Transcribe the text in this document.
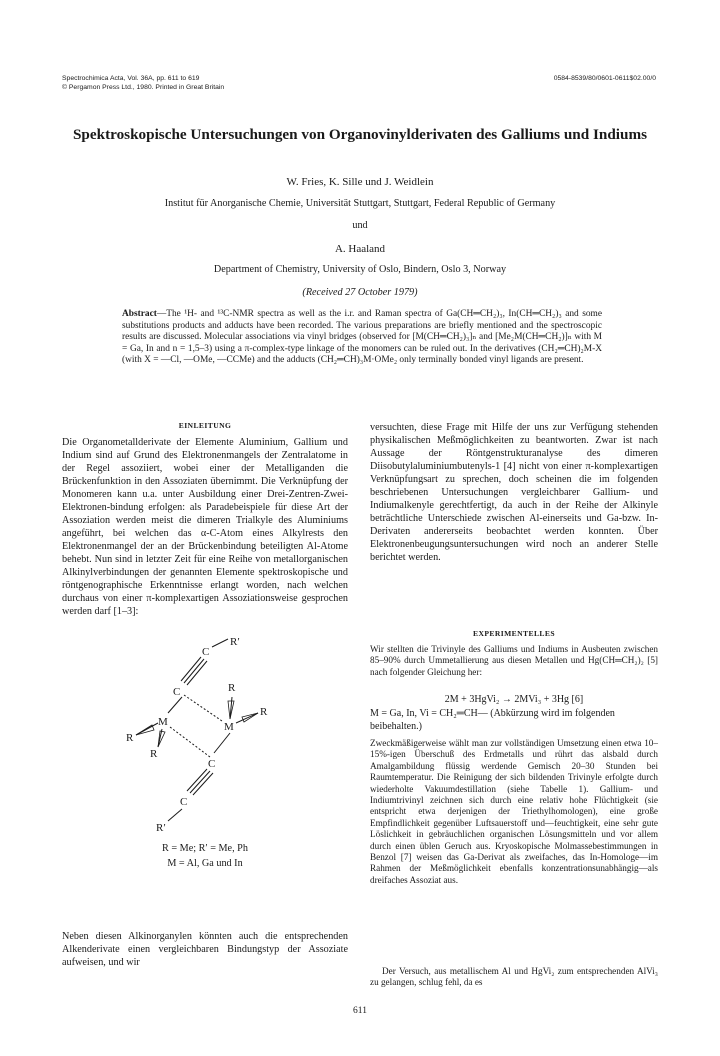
Spectrochimica Acta, Vol. 36A, pp. 611 to 619
© Pergamon Press Ltd., 1980. Printed in Great Britain
0584-8539/80/0601-0611$02.00/0
Spektroskopische Untersuchungen von Organovinylderivaten des Galliums und Indiums
W. Fries, K. Sille und J. Weidlein
Institut für Anorganische Chemie, Universität Stuttgart, Stuttgart, Federal Republic of Germany
und
A. Haaland
Department of Chemistry, University of Oslo, Bindern, Oslo 3, Norway
(Received 27 October 1979)
Abstract—The ¹H- and ¹³C-NMR spectra as well as the i.r. and Raman spectra of Ga(CH═CH₂)₃, In(CH═CH₂)₃ and some substitutions products and adducts have been recorded. The various preparations are briefly mentioned and the spectroscopic results are discussed. Molecular associations via vinyl bridges (observed for [M(CH═CH₂)₃]ₙ and [Me₂M(CH═CH₂)]ₙ with M = Ga, In and n = 1,5–3) using a π-complex-type linkage of the monomers can be ruled out. In the derivatives (CH₂═CH)₂M-X (with X = —Cl, —OMe, —CCMe) and the adducts (CH₂═CH)₃M·OMe₂ only terminally bonded vinyl ligands are present.
EINLEITUNG

Die Organometallderivate der Elemente Aluminium, Gallium und Indium sind auf Grund des Elektronenmangels der Zentralatome in der Regel assoziiert, wobei einer der Metalliganden die Brückenfunktion in den Assoziaten übernimmt. Die Verknüpfung der Monomeren kann u.a. unter Ausbildung einer Drei-Zentren-Zwei-Elektronen-bindung erfolgen: als Paradebeispiele für diese Art der Assoziation werden meist die dimeren Trialkyle des Aluminiums angeführt, bei welchen das α-C-Atom eines Alkylrests den Elektronenmangel der an der Brückenbindung beteiligten Al-Atome behebt. Nun sind in letzter Zeit für eine Reihe von metallorganischen Alkinylverbindungen der genannten Elemente spektroskopische und röntgenographische Erkenntnisse erlangt worden, nach welchen durchaus von einer π-komplexartigen Assoziationsweise gesprochen werden darf [1–3]:

R′
C
C
M	M
R
R
R
R
C
C
R′
R = Me; R′ = Me, Ph
M = Al, Ga und In

Neben diesen Alkinorganylen könnten auch die entsprechenden Alkenderivate einen vergleichbaren Bindungstyp der Assoziate aufweisen, und wir

versuchten, diese Frage mit Hilfe der uns zur Verfügung stehenden physikalischen Meßmöglichkeiten zu beantworten. Zwar ist nach Aussage der Röntgenstrukturanalyse des dimeren Diisobutylaluminiumbutenyls-1 [4] nicht von einer π-komplexartigen Verknüpfungsart zu sprechen, doch scheinen die im folgenden beschriebenen Untersuchungen vergleichbarer Gallium- und Indiumalkenyle gerechtfertigt, da auch in der Reihe der Alkinyle beträchtliche Unterschiede zwischen Al-einerseits und Ga-bzw. In-Derivaten andererseits beobachtet werden konnten. Über Elektronenbeugungsuntersuchungen wird noch an anderer Stelle berichtet werden.

EXPERIMENTELLES

Wir stellten die Trivinyle des Galliums und Indiums in Ausbeuten zwischen 85–90% durch Ummetallierung aus diesen Metallen und Hg(CH═CH₂)₂ [5] nach folgender Gleichung her:

2M + 3HgVi₂ → 2MVi₃ + 3Hg [6]
M = Ga, In, Vi = CH₂═CH— (Abkürzung wird im folgenden beibehalten.)

Zweckmäßigerweise wählt man zur vollständigen Umsetzung einen etwa 10–15%-igen Überschuß des Erdmetalls und rührt das alsbald durch Amalgambildung flüssig werdende Gemisch 20–30 Stunden bei Raumtemperatur. Die Reinigung der sich bildenden Trivinyle erfolgte durch wiederholte Vakuumdestillation (siehe Tabelle 1). Gallium- und Indiumtrivinyl zeichnen sich durch eine relativ hohe Flüchtigkeit (sie entspricht etwa derjenigen der Triethylhomologen), eine große Empfindlichkeit gegenüber Luftsauerstoff und—feuchtigkeit, eine sehr gute Löslichkeit in gebräuchlichen organischen Lösungsmitteln und vor allem durch einen üblen Geruch aus. Kryoskopische Molmassebestimmungen in Benzol [7] weisen das Ga-Derivat als zweifaches, das In-Homologe—im Rahmen der Meßmöglichkeit ebenfalls konzentrationsunabhängig—als dreifaches Assoziat aus.

Der Versuch, aus metallischem Al und HgVi₂ zum entsprechenden AlVi₃ zu gelangen, schlug fehl, da es

611
